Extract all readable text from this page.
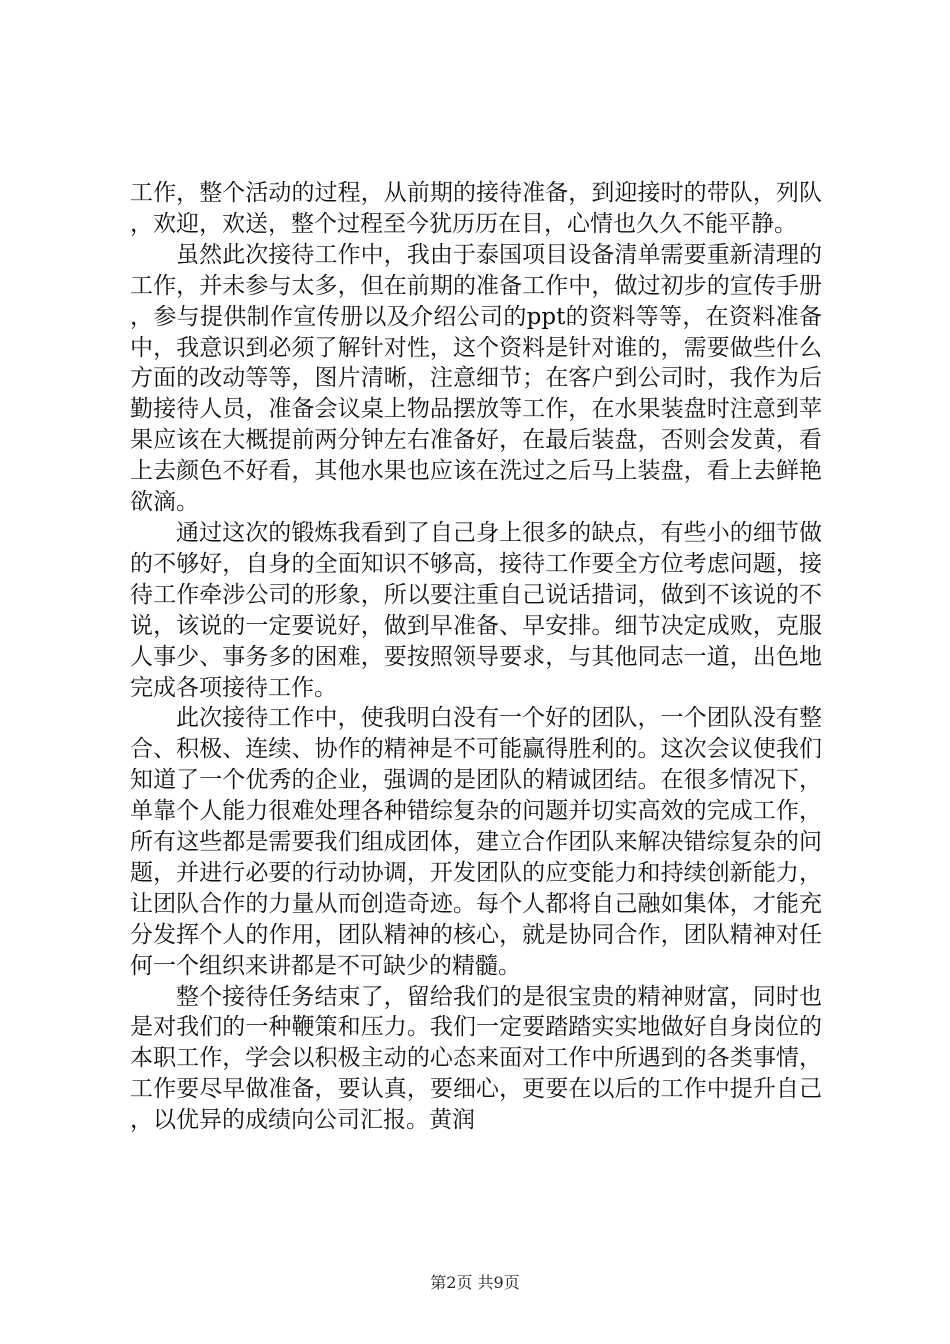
工作，整个活动的过程，从前期的接待准备，到迎接时的带队，列队，欢迎，欢送，整个过程至今犹历历在目，心情也久久不能平静。

虽然此次接待工作中，我由于泰国项目设备清单需要重新清理的工作，并未参与太多，但在前期的准备工作中，做过初步的宣传手册，参与提供制作宣传册以及介绍公司的ppt的资料等等，在资料准备中，我意识到必须了解针对性，这个资料是针对谁的，需要做些什么方面的改动等等，图片清晰，注意细节；在客户到公司时，我作为后勤接待人员，准备会议桌上物品摆放等工作，在水果装盘时注意到苹果应该在大概提前两分钟左右准备好，在最后装盘，否则会发黄，看上去颜色不好看，其他水果也应该在洗过之后马上装盘，看上去鲜艳欲滴。

通过这次的锻炼我看到了自己身上很多的缺点，有些小的细节做的不够好，自身的全面知识不够高，接待工作要全方位考虑问题，接待工作牵涉公司的形象，所以要注重自己说话措词，做到不该说的不说，该说的一定要说好，做到早准备、早安排。细节决定成败，克服人事少、事务多的困难，要按照领导要求，与其他同志一道，出色地完成各项接待工作。

此次接待工作中，使我明白没有一个好的团队，一个团队没有整合、积极、连续、协作的精神是不可能赢得胜利的。这次会议使我们知道了一个优秀的企业，强调的是团队的精诚团结。在很多情况下，单靠个人能力很难处理各种错综复杂的问题并切实高效的完成工作，所有这些都是需要我们组成团体，建立合作团队来解决错综复杂的问题，并进行必要的行动协调，开发团队的应变能力和持续创新能力，让团队合作的力量从而创造奇迹。每个人都将自己融如集体，才能充分发挥个人的作用，团队精神的核心，就是协同合作，团队精神对任何一个组织来讲都是不可缺少的精髓。

整个接待任务结束了，留给我们的是很宝贵的精神财富，同时也是对我们的一种鞭策和压力。我们一定要踏踏实实地做好自身岗位的本职工作，学会以积极主动的心态来面对工作中所遇到的各类事情，工作要尽早做准备，要认真，要细心，更要在以后的工作中提升自己，以优异的成绩向公司汇报。黄润

第2页 共9页
